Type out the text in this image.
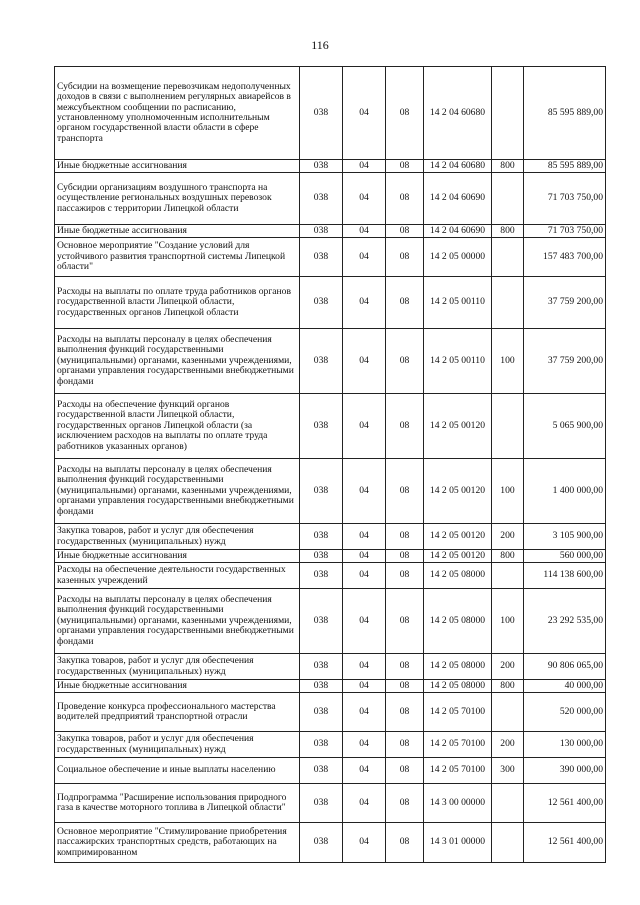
116
Субсидии на возмещение перевозчикам недополученных доходов в связи с выполнением регулярных авиарейсов в межсубъектном сообщении по расписанию, установленному уполномоченным исполнительным органом государственной власти области в сфере транспорта	038	04	08	14 2 04 60680		85 595 889,00
Иные бюджетные ассигнования	038	04	08	14 2 04 60680	800	85 595 889,00
Субсидии организациям воздушного транспорта на осуществление региональных воздушных перевозок пассажиров с территории Липецкой области	038	04	08	14 2 04 60690		71 703 750,00
Иные бюджетные ассигнования	038	04	08	14 2 04 60690	800	71 703 750,00
Основное мероприятие "Создание условий для устойчивого развития транспортной системы Липецкой области"	038	04	08	14 2 05 00000		157 483 700,00
Расходы на выплаты по оплате труда работников органов государственной власти Липецкой области, государственных органов Липецкой области	038	04	08	14 2 05 00110		37 759 200,00
Расходы на выплаты персоналу в целях обеспечения выполнения функций государственными (муниципальными) органами, казенными учреждениями, органами управления государственными внебюджетными фондами	038	04	08	14 2 05 00110	100	37 759 200,00
Расходы на обеспечение функций органов государственной власти Липецкой области, государственных органов Липецкой области (за исключением расходов на выплаты по оплате труда работников указанных органов)	038	04	08	14 2 05 00120		5 065 900,00
Расходы на выплаты персоналу в целях обеспечения выполнения функций государственными (муниципальными) органами, казенными учреждениями, органами управления государственными внебюджетными фондами	038	04	08	14 2 05 00120	100	1 400 000,00
Закупка товаров, работ и услуг для обеспечения государственных (муниципальных) нужд	038	04	08	14 2 05 00120	200	3 105 900,00
Иные бюджетные ассигнования	038	04	08	14 2 05 00120	800	560 000,00
Расходы на обеспечение деятельности государственных казенных учреждений	038	04	08	14 2 05 08000		114 138 600,00
Расходы на выплаты персоналу в целях обеспечения выполнения функций государственными (муниципальными) органами, казенными учреждениями, органами управления государственными внебюджетными фондами	038	04	08	14 2 05 08000	100	23 292 535,00
Закупка товаров, работ и услуг для обеспечения государственных (муниципальных) нужд	038	04	08	14 2 05 08000	200	90 806 065,00
Иные бюджетные ассигнования	038	04	08	14 2 05 08000	800	40 000,00
Проведение конкурса профессионального мастерства водителей предприятий транспортной отрасли	038	04	08	14 2 05 70100		520 000,00
Закупка товаров, работ и услуг для обеспечения государственных (муниципальных) нужд	038	04	08	14 2 05 70100	200	130 000,00
Социальное обеспечение и иные выплаты населению	038	04	08	14 2 05 70100	300	390 000,00
Подпрограмма "Расширение использования природного газа в качестве моторного топлива в Липецкой области"	038	04	08	14 3 00 00000		12 561 400,00
Основное мероприятие "Стимулирование приобретения пассажирских транспортных средств, работающих на компримированном	038	04	08	14 3 01 00000		12 561 400,00
